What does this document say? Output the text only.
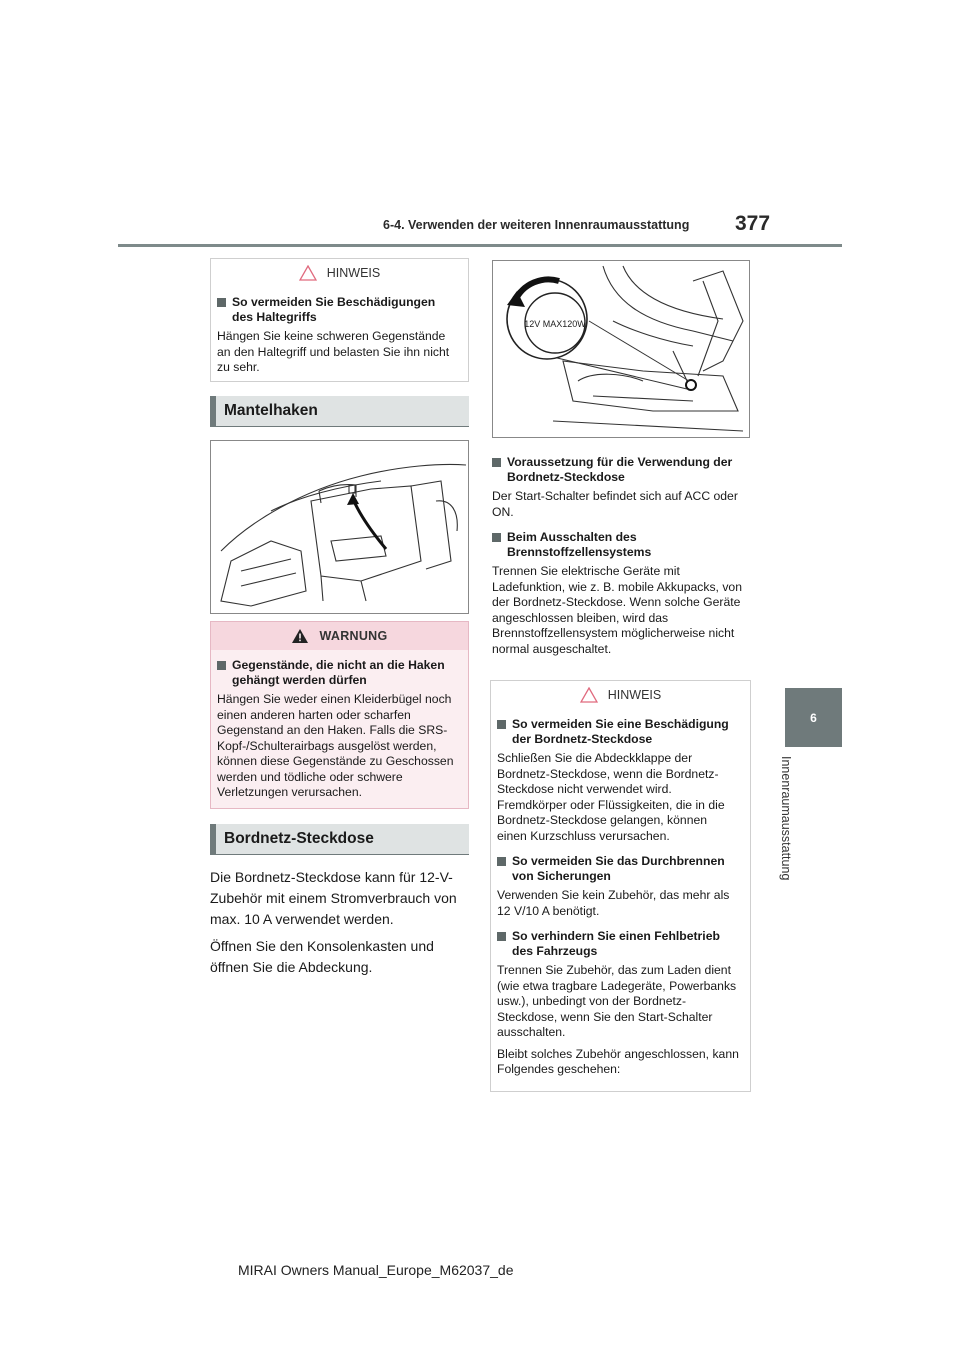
6-4. Verwenden der weiteren Innenraumausstattung 377
6
Innenraumausstattung
HINWEIS
So vermeiden Sie Beschädigungen des Haltegriffs

Hängen Sie keine schweren Gegenstände an den Haltegriff und belasten Sie ihn nicht zu sehr.

Mantelhaken
WARNUNG
Gegenstände, die nicht an die Haken gehängt werden dürfen

Hängen Sie weder einen Kleiderbügel noch einen anderen harten oder scharfen Gegenstand an den Haken. Falls die SRS-Kopf-/Schulterairbags ausgelöst werden, können diese Gegenstände zu Geschossen werden und tödliche oder schwere Verletzungen verursachen.

Bordnetz-Steckdose

Die Bordnetz-Steckdose kann für 12-V-Zubehör mit einem Stromverbrauch von max. 10 A verwendet werden.

Öffnen Sie den Konsolenkasten und öffnen Sie die Abdeckung.

12V MAX120W
Voraussetzung für die Verwendung der Bordnetz-Steckdose

Der Start-Schalter befindet sich auf ACC oder ON.

Beim Ausschalten des Brennstoffzellensystems

Trennen Sie elektrische Geräte mit Ladefunktion, wie z. B. mobile Akkupacks, von der Bordnetz-Steckdose. Wenn solche Geräte angeschlossen bleiben, wird das Brennstoffzellensystem möglicherweise nicht normal ausgeschaltet.

HINWEIS
So vermeiden Sie eine Beschädigung der Bordnetz-Steckdose

Schließen Sie die Abdeckklappe der Bordnetz-Steckdose, wenn die Bordnetz-Steckdose nicht verwendet wird.

Fremdkörper oder Flüssigkeiten, die in die Bordnetz-Steckdose gelangen, können einen Kurzschluss verursachen.

So vermeiden Sie das Durchbrennen von Sicherungen

Verwenden Sie kein Zubehör, das mehr als 12 V/10 A benötigt.

So verhindern Sie einen Fehlbetrieb des Fahrzeugs

Trennen Sie Zubehör, das zum Laden dient (wie etwa tragbare Ladegeräte, Powerbanks usw.), unbedingt von der Bordnetz-Steckdose, wenn Sie den Start-Schalter ausschalten.

Bleibt solches Zubehör angeschlossen, kann Folgendes geschehen:

MIRAI Owners Manual_Europe_M62037_de
